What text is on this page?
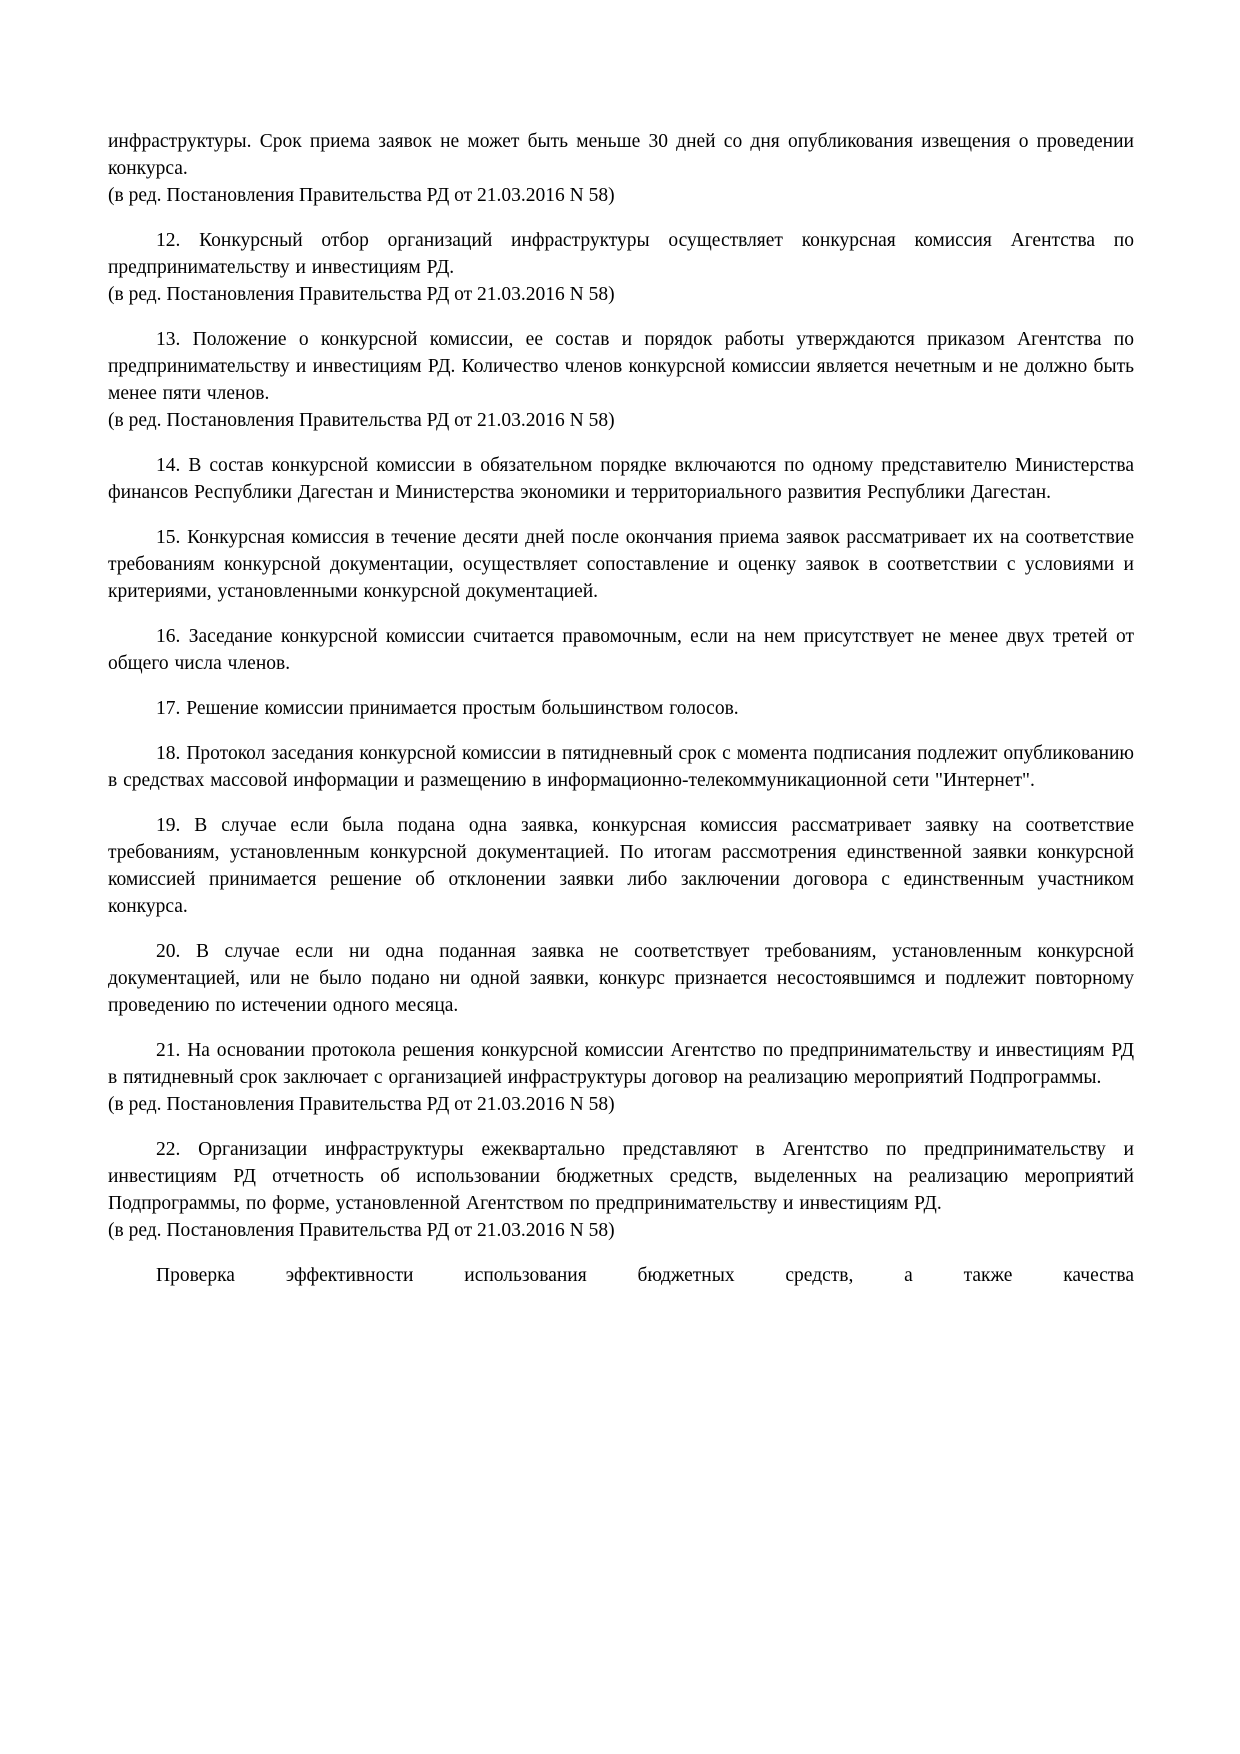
инфраструктуры. Срок приема заявок не может быть меньше 30 дней со дня опубликования извещения о проведении конкурса.

(в ред. Постановления Правительства РД от 21.03.2016 N 58)

12. Конкурсный отбор организаций инфраструктуры осуществляет конкурсная комиссия Агентства по предпринимательству и инвестициям РД.

(в ред. Постановления Правительства РД от 21.03.2016 N 58)

13. Положение о конкурсной комиссии, ее состав и порядок работы утверждаются приказом Агентства по предпринимательству и инвестициям РД. Количество членов конкурсной комиссии является нечетным и не должно быть менее пяти членов.

(в ред. Постановления Правительства РД от 21.03.2016 N 58)

14. В состав конкурсной комиссии в обязательном порядке включаются по одному представителю Министерства финансов Республики Дагестан и Министерства экономики и территориального развития Республики Дагестан.

15. Конкурсная комиссия в течение десяти дней после окончания приема заявок рассматривает их на соответствие требованиям конкурсной документации, осуществляет сопоставление и оценку заявок в соответствии с условиями и критериями, установленными конкурсной документацией.

16. Заседание конкурсной комиссии считается правомочным, если на нем присутствует не менее двух третей от общего числа членов.

17. Решение комиссии принимается простым большинством голосов.

18. Протокол заседания конкурсной комиссии в пятидневный срок с момента подписания подлежит опубликованию в средствах массовой информации и размещению в информационно-телекоммуникационной сети "Интернет".

19. В случае если была подана одна заявка, конкурсная комиссия рассматривает заявку на соответствие требованиям, установленным конкурсной документацией. По итогам рассмотрения единственной заявки конкурсной комиссией принимается решение об отклонении заявки либо заключении договора с единственным участником конкурса.

20. В случае если ни одна поданная заявка не соответствует требованиям, установленным конкурсной документацией, или не было подано ни одной заявки, конкурс признается несостоявшимся и подлежит повторному проведению по истечении одного месяца.

21. На основании протокола решения конкурсной комиссии Агентство по предпринимательству и инвестициям РД в пятидневный срок заключает с организацией инфраструктуры договор на реализацию мероприятий Подпрограммы.

(в ред. Постановления Правительства РД от 21.03.2016 N 58)

22. Организации инфраструктуры ежеквартально представляют в Агентство по предпринимательству и инвестициям РД отчетность об использовании бюджетных средств, выделенных на реализацию мероприятий Подпрограммы, по форме, установленной Агентством по предпринимательству и инвестициям РД.

(в ред. Постановления Правительства РД от 21.03.2016 N 58)

Проверка эффективности использования бюджетных средств, а также качества
